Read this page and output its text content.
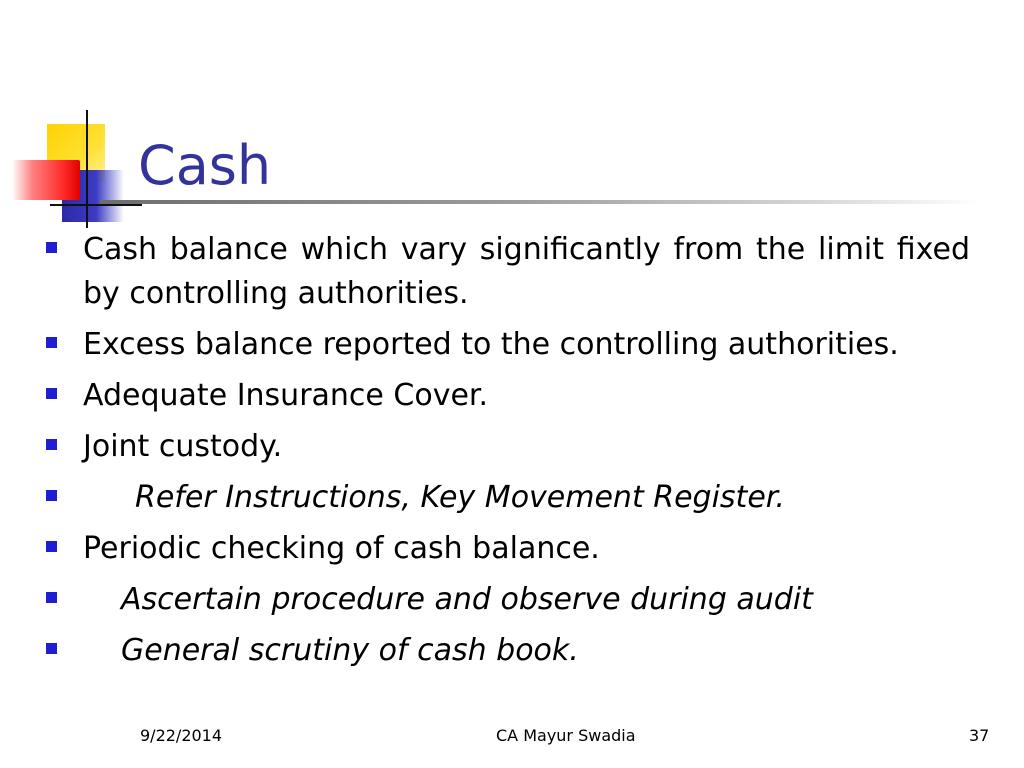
Cash
Cash balance which vary significantly from the limit fixed by controlling authorities.
Excess balance reported to the controlling authorities.
Adequate Insurance Cover.
Joint custody.
Refer Instructions, Key Movement Register.
Periodic checking of cash balance.
Ascertain procedure and observe during audit
General scrutiny of cash book.
9/22/2014	CA Mayur Swadia	37
